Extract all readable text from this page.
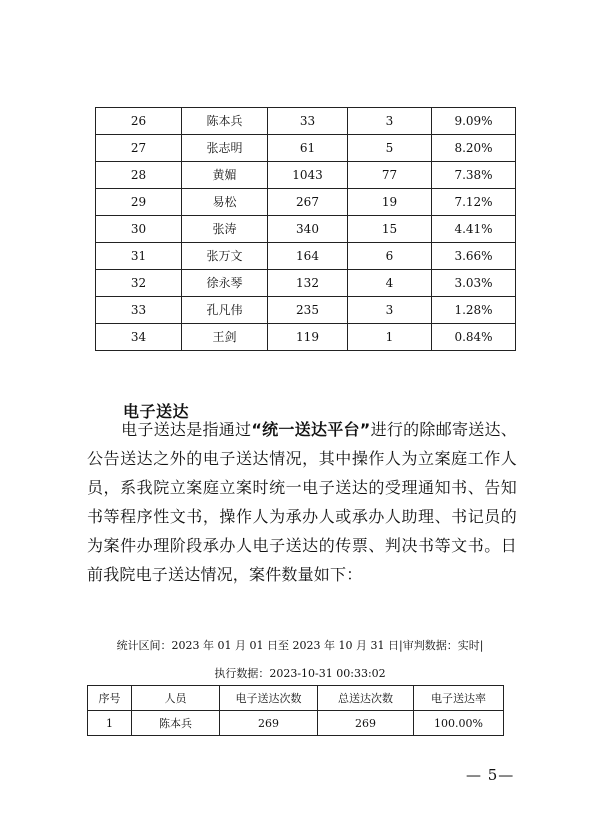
26	陈本兵	33	3	9.09%
27	张志明	61	5	8.20%
28	黄媚	1043	77	7.38%
29	易松	267	19	7.12%
30	张涛	340	15	4.41%
31	张万文	164	6	3.66%
32	徐永琴	132	4	3.03%
33	孔凡伟	235	3	1.28%
34	王剑	119	1	0.84%
电子送达
电子送达是指通过“统一送达平台”进行的除邮寄送达、公告送达之外的电子送达情况，其中操作人为立案庭工作人员，系我院立案庭立案时统一电子送达的受理通知书、告知书等程序性文书，操作人为承办人或承办人助理、书记员的为案件办理阶段承办人电子送达的传票、判决书等文书。日前我院电子送达情况，案件数量如下：
统计区间：2023 年 01 月 01 日至 2023 年 10 月 31 日|审判数据：实时|
执行数据：2023-10-31 00:33:02
序号	人员	电子送达次数	总送达次数	电子送达率
1	陈本兵	269	269	100.00%
— 5—
